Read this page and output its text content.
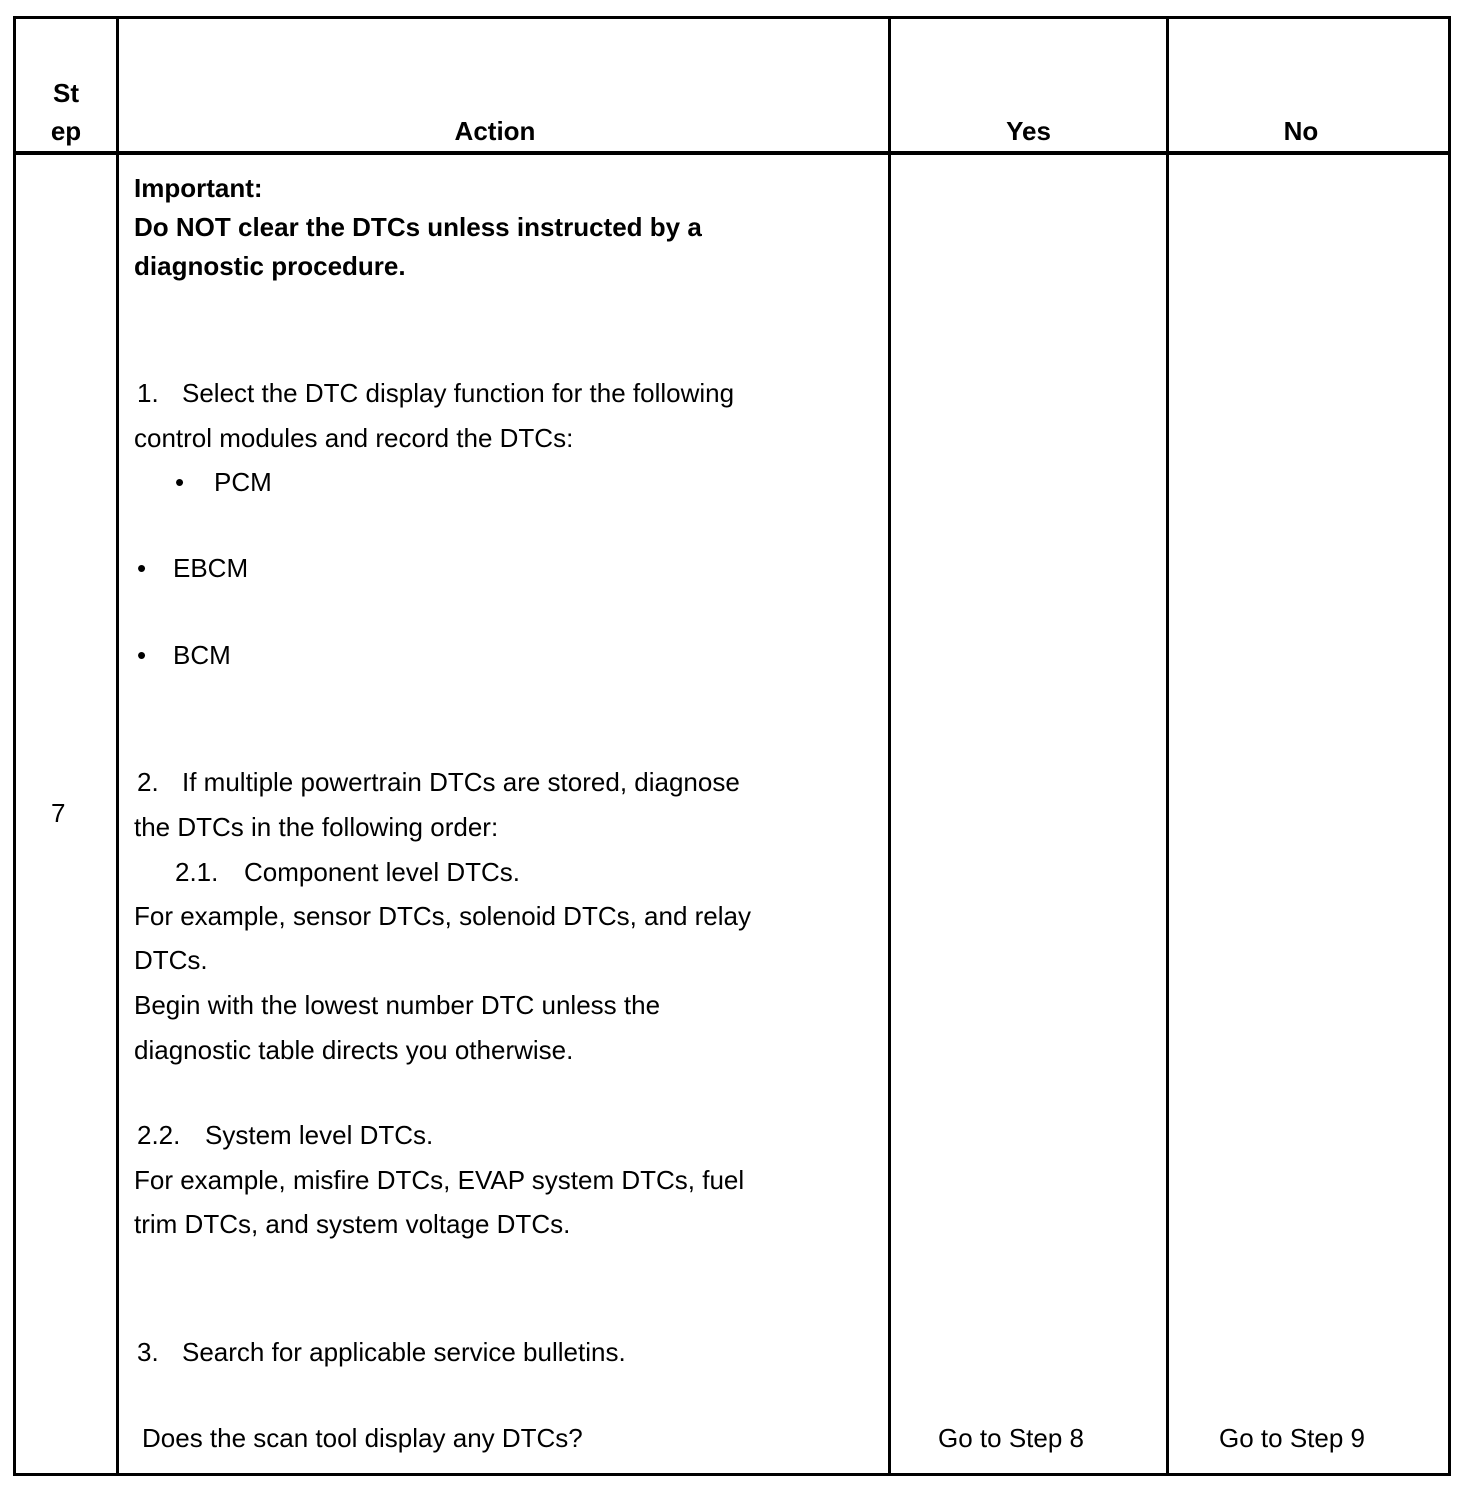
St
ep	Action	Yes	No
7
Important:
Do NOT clear the DTCs unless instructed by a
diagnostic procedure.
1. Select the DTC display function for the following
control modules and record the DTCs:
• PCM
• EBCM
• BCM
2. If multiple powertrain DTCs are stored, diagnose
the DTCs in the following order:
2.1. Component level DTCs.
For example, sensor DTCs, solenoid DTCs, and relay
DTCs.
Begin with the lowest number DTC unless the
diagnostic table directs you otherwise.
2.2. System level DTCs.
For example, misfire DTCs, EVAP system DTCs, fuel
trim DTCs, and system voltage DTCs.
3. Search for applicable service bulletins.
Does the scan tool display any DTCs?	Go to Step 8	Go to Step 9
